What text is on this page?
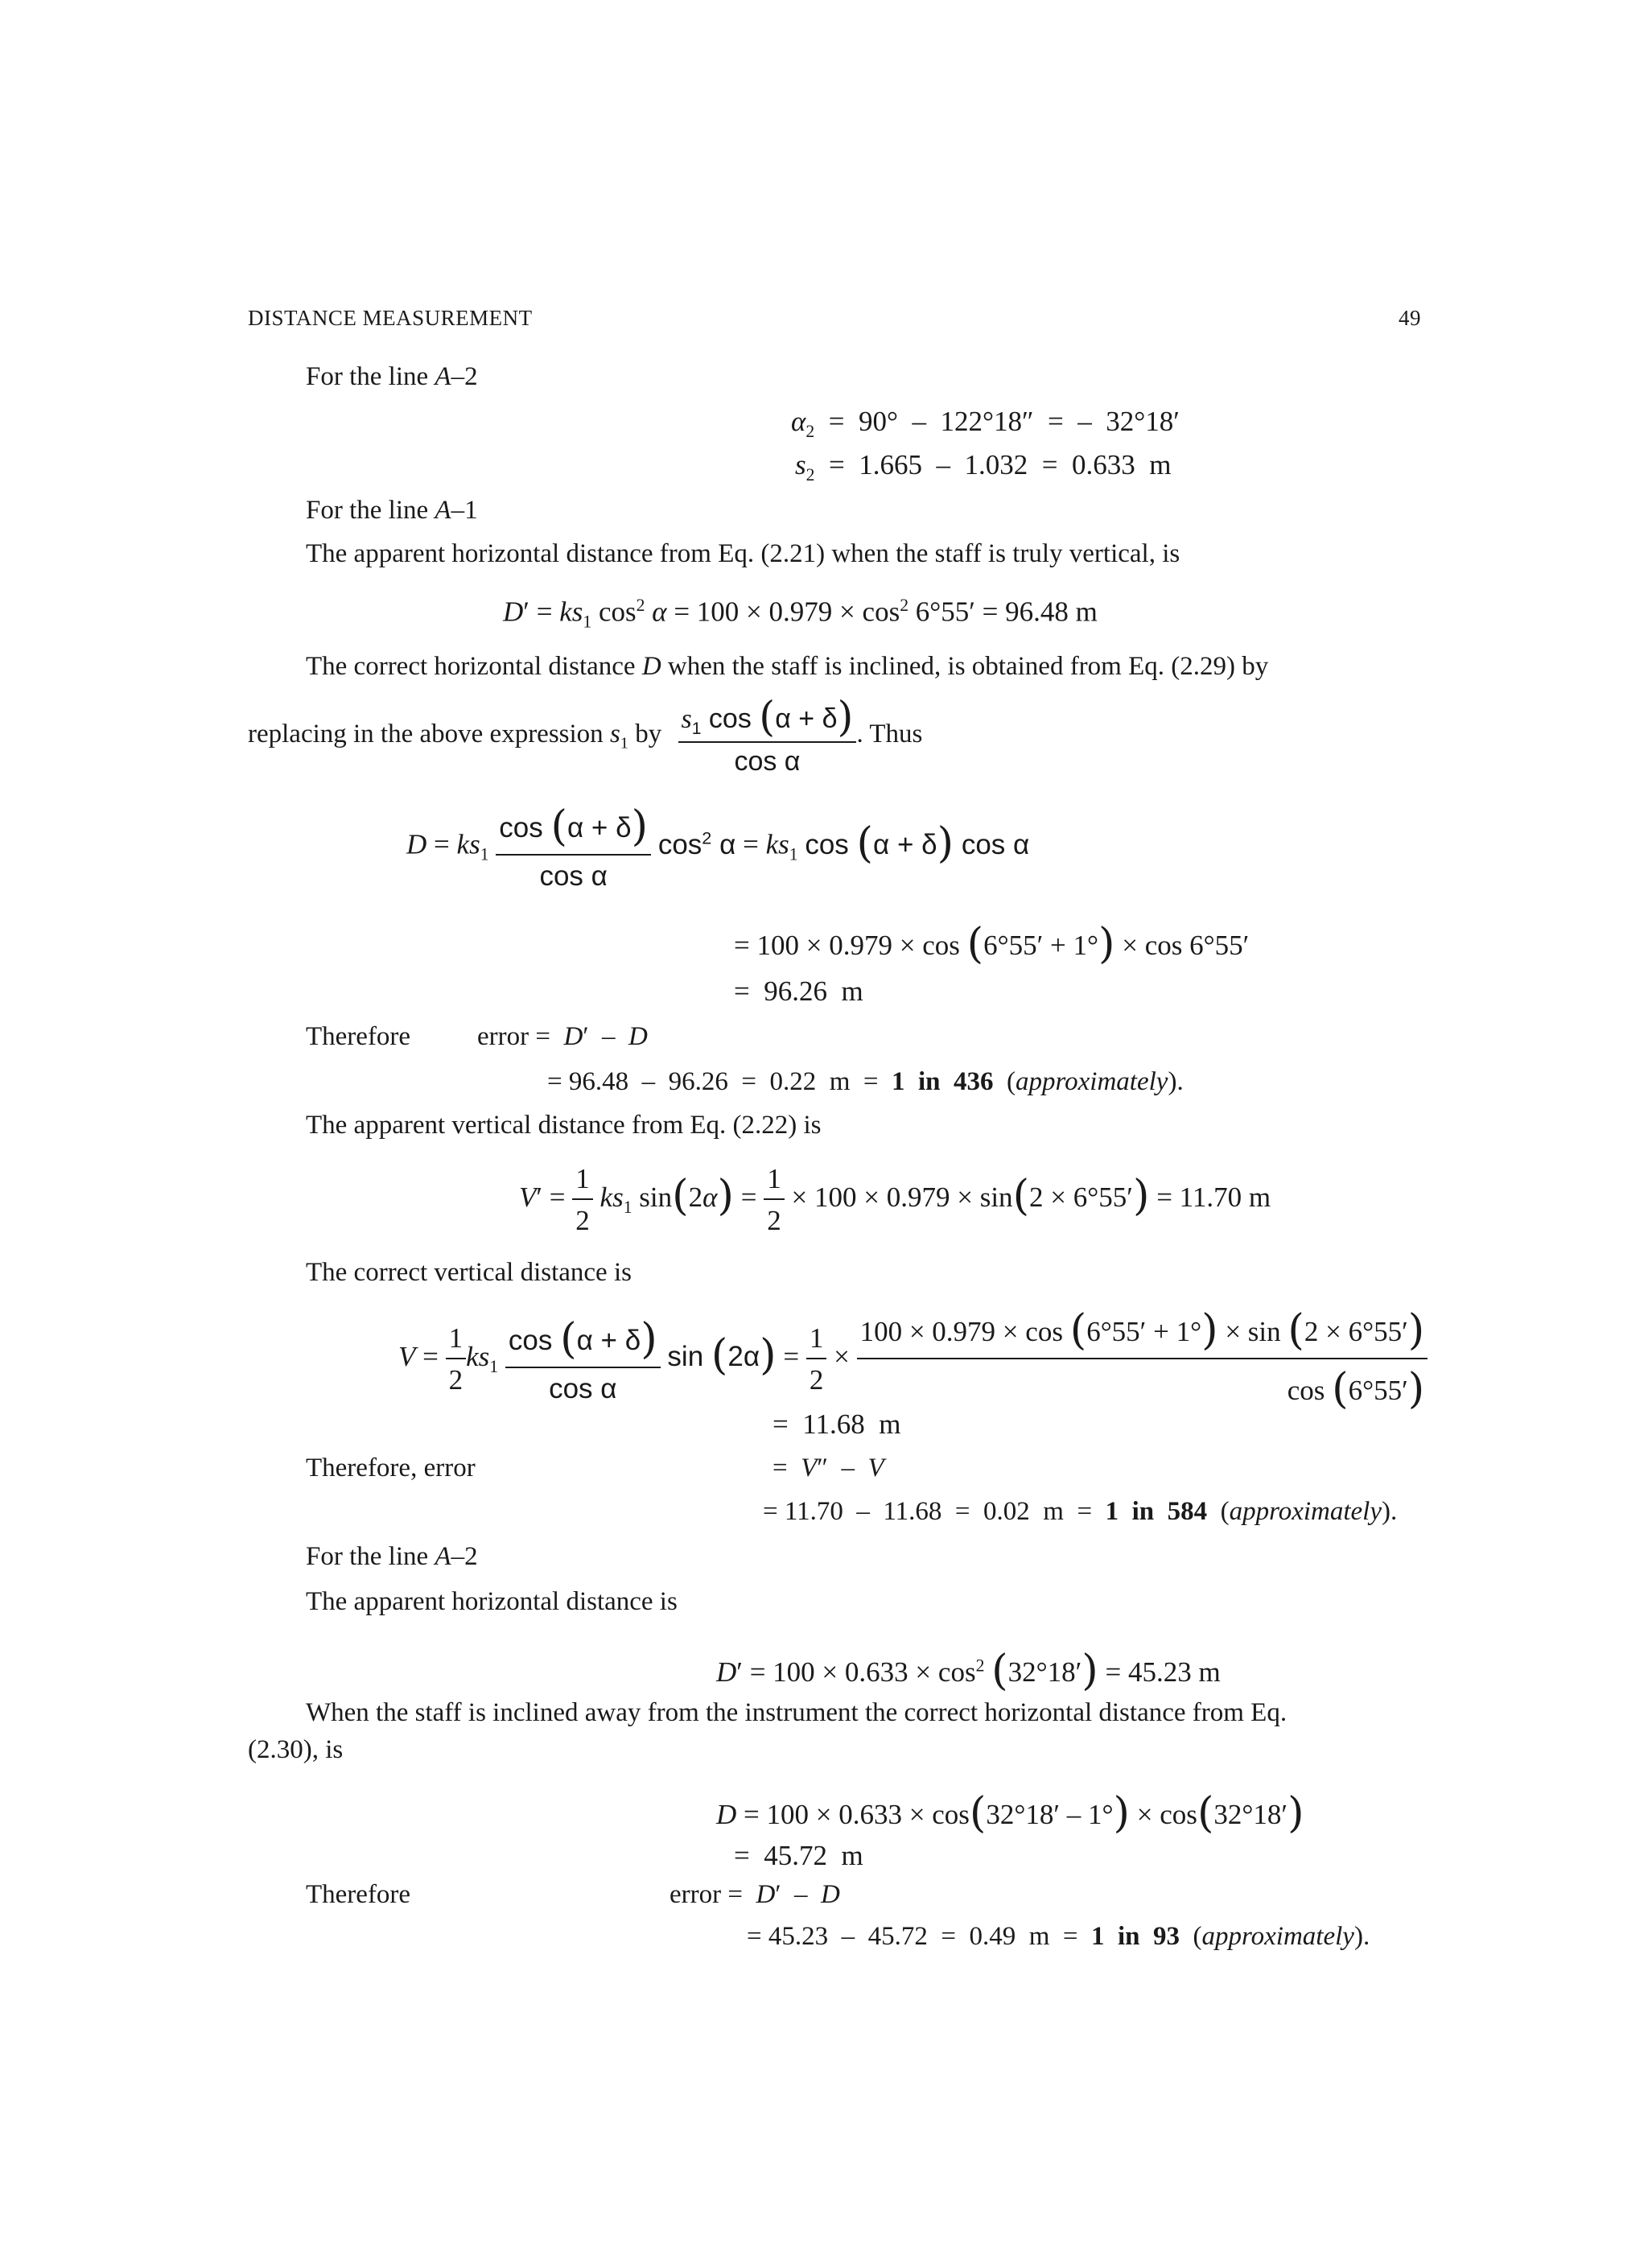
DISTANCE MEASUREMENT	49
For the line A–2
$\alpha_2 = 90^\circ - 122^\circ 18''$  =  –  32°18′
$s_2 = 1.665 - 1.032 = 0.633$  m
For the line A–1
The apparent horizontal distance from Eq. (2.21) when the staff is truly vertical, is
$D' = ks_1$ $\cos^2 \alpha = 100 \times 0.979 \times \cos^2 6^\circ 55' = 96.48$ m
The correct horizontal distance D when the staff is inclined, is obtained from Eq. (2.29) by
replacing in the above expression $s_1$ by $\frac{s_1 \cos (\alpha + \delta)}{\text{cos α}}$ . Thus
$D = ks_1 \frac{\cos (\alpha + \delta)}{\text{cos α}} \cos^2 \alpha = ks_1$ cos (α + δ) cos α
= 100 × 0.979 × cos (6°55′ + 1°) × cos 6°55′
=  96.26  m
Therefore	error =  D′  –  D
= 96.48  –  96.26  =  0.22  m  =  1  in  436  (approximately).
The apparent vertical distance from Eq. (2.22) is
$V' = \frac{1}{2} ks_1$ $\sin(2\alpha) = \frac{1}{2} \times 100 \times 0.979 \times \sin(2 \times 6^\circ 55') = 11.70$ m
The correct vertical distance is
$V = \frac{1}{2} ks_1 \frac{\cos (\alpha + \delta)}{\text{cos α}}$ $\sin (2\alpha) = \frac{1}{2} \times \frac{100 \times 0.979 \times \cos (6^\circ 55' + 1^\circ) \times \sin (2 \times 6^\circ 55')}{\cos (6^\circ 55')}$
=  11.68  m
Therefore, error	=  V″  –  V
= 11.70  –  11.68  =  0.02  m  =  1  in  584  (approximately).
For the line A–2
The apparent horizontal distance is
$D' = 100 \times 0.633 \times \cos^2 (32^\circ 18') = 45.23$ m
When the staff is inclined away from the instrument the correct horizontal distance from Eq.
(2.30), is
D = 100 × 0.633 × cos(32°18′ – 1°) × cos(32°18′)
=  45.72  m
Therefore	error =  D′  –  D
= 45.23  –  45.72  =  0.49  m  =  1  in  93  (approximately).
